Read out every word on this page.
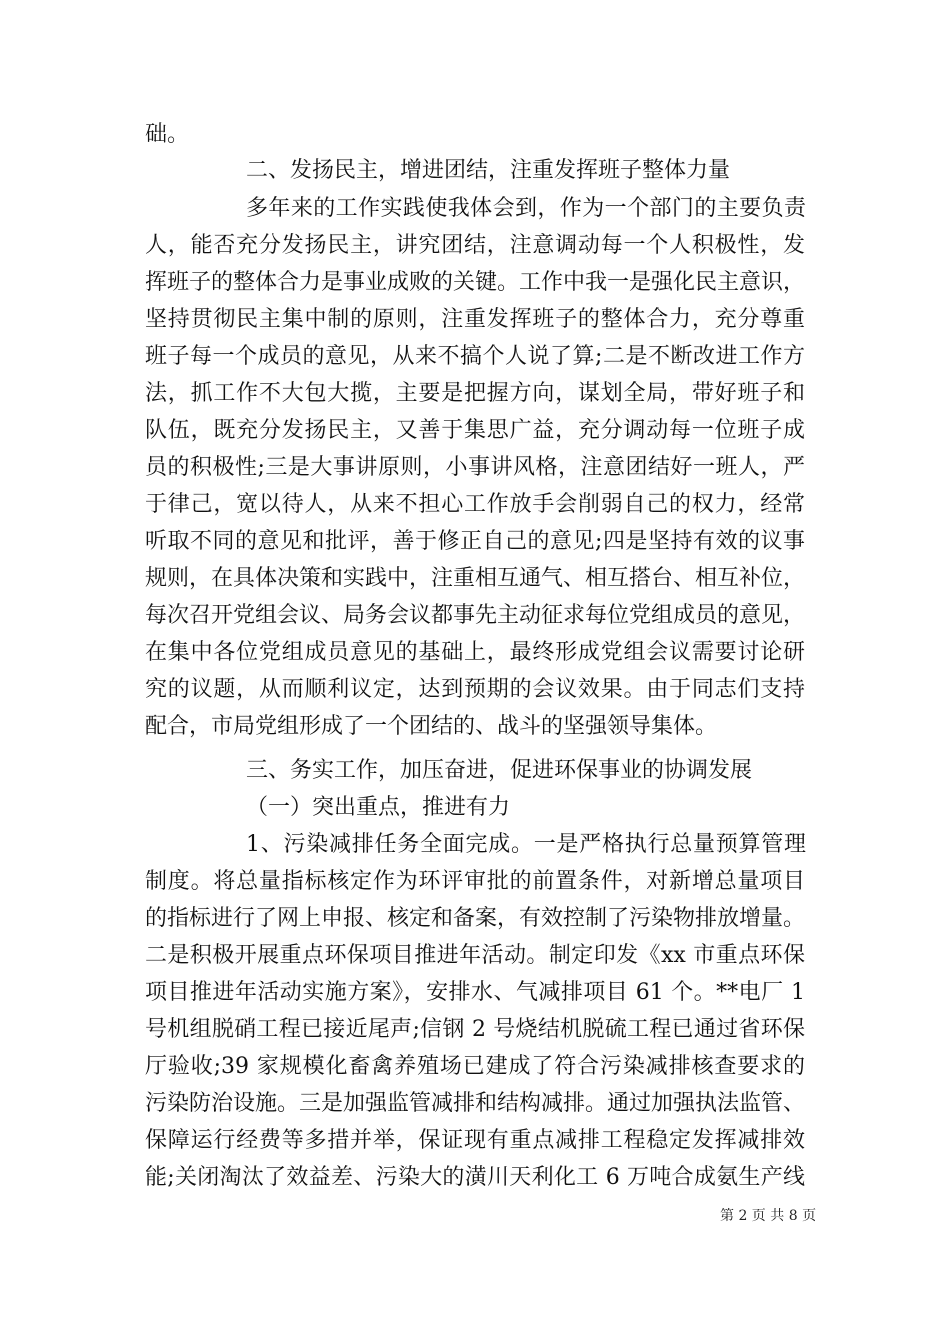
础。
二、发扬民主，增进团结，注重发挥班子整体力量
多年来的工作实践使我体会到，作为一个部门的主要负责
人，能否充分发扬民主，讲究团结，注意调动每一个人积极性，发
挥班子的整体合力是事业成败的关键。工作中我一是强化民主意识，
坚持贯彻民主集中制的原则，注重发挥班子的整体合力，充分尊重
班子每一个成员的意见，从来不搞个人说了算;二是不断改进工作方
法，抓工作不大包大揽，主要是把握方向，谋划全局，带好班子和
队伍，既充分发扬民主，又善于集思广益，充分调动每一位班子成
员的积极性;三是大事讲原则，小事讲风格，注意团结好一班人，严
于律己，宽以待人，从来不担心工作放手会削弱自己的权力，经常
听取不同的意见和批评，善于修正自己的意见;四是坚持有效的议事
规则，在具体决策和实践中，注重相互通气、相互搭台、相互补位，
每次召开党组会议、局务会议都事先主动征求每位党组成员的意见，
在集中各位党组成员意见的基础上，最终形成党组会议需要讨论研
究的议题，从而顺利议定，达到预期的会议效果。由于同志们支持
配合，市局党组形成了一个团结的、战斗的坚强领导集体。
三、务实工作，加压奋进，促进环保事业的协调发展
（一）突出重点，推进有力
1、污染减排任务全面完成。一是严格执行总量预算管理
制度。将总量指标核定作为环评审批的前置条件，对新增总量项目
的指标进行了网上申报、核定和备案，有效控制了污染物排放增量。
二是积极开展重点环保项目推进年活动。制定印发《xx 市重点环保
项目推进年活动实施方案》，安排水、气减排项目 61 个。**电厂 1
号机组脱硝工程已接近尾声;信钢 2 号烧结机脱硫工程已通过省环保
厅验收;39 家规模化畜禽养殖场已建成了符合污染减排核查要求的
污染防治设施。三是加强监管减排和结构减排。通过加强执法监管、
保障运行经费等多措并举，保证现有重点减排工程稳定发挥减排效
能;关闭淘汰了效益差、污染大的潢川天利化工 6 万吨合成氨生产线
第 2 页 共 8 页
